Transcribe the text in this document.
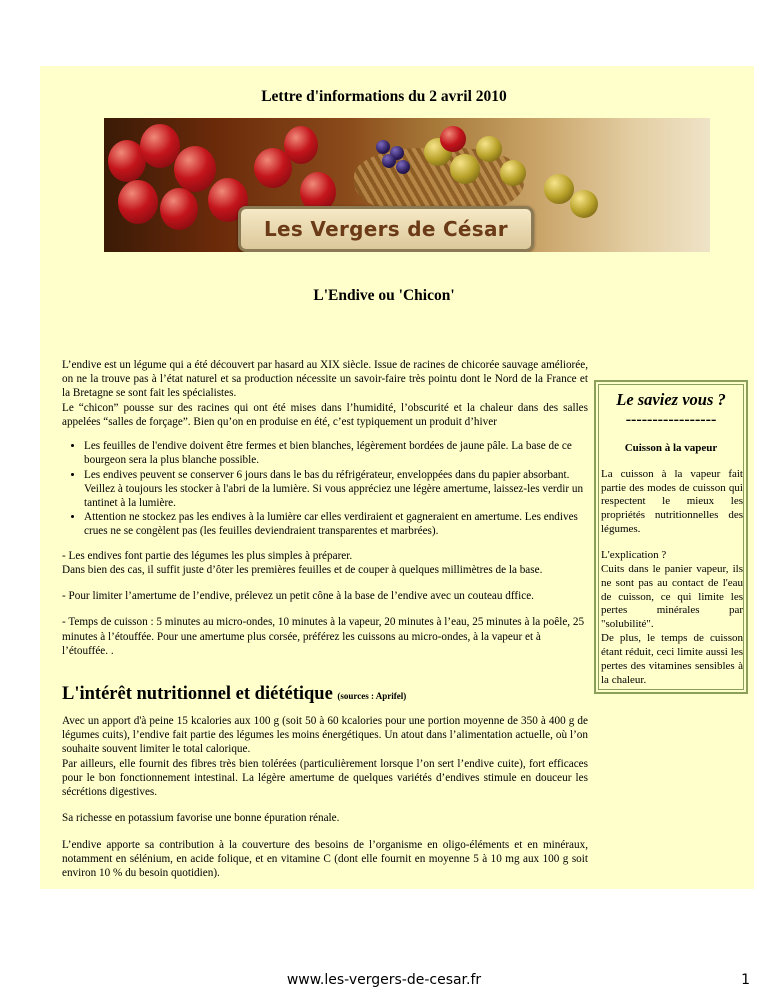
Lettre d'informations du 2 avril 2010
Les Vergers de César
L'Endive ou 'Chicon'

L’endive est un légume qui a été découvert par hasard au XIX siècle. Issue de racines de chicorée sauvage améliorée, on ne la trouve pas à l’état naturel et sa production nécessite un savoir-faire très pointu dont le Nord de la France et la Bretagne se sont fait les spécialistes.

Le “chicon” pousse sur des racines qui ont été mises dans l’humidité, l’obscurité et la chaleur dans des salles appelées “salles de forçage”. Bien qu’on en produise en été, c’est typiquement un produit d’hiver

• Les feuilles de l'endive doivent être fermes et bien blanches, légèrement bordées de jaune pâle. La base de ce bourgeon sera la plus blanche possible.
• Les endives peuvent se conserver 6 jours dans le bas du réfrigérateur, enveloppées dans du papier absorbant. Veillez à toujours les stocker à l'abri de la lumière. Si vous appréciez une légère amertume, laissez-les verdir un tantinet à la lumière.
• Attention ne stockez pas les endives à la lumière car elles verdiraient et gagneraient en amertume. Les endives crues ne se congèlent pas (les feuilles deviendraient transparentes et marbrées).

- Les endives font partie des légumes les plus simples à préparer.

Dans bien des cas, il suffit juste d’ôter les premières feuilles et de couper à quelques millimètres de la base.

- Pour limiter l’amertume de l’endive, prélevez un petit cône à la base de l’endive avec un couteau dffice.

- Temps de cuisson : 5 minutes au micro-ondes, 10 minutes à la vapeur, 20 minutes à l’eau, 25 minutes à la poêle, 25 minutes à l’étouffée. Pour une amertume plus corsée, préférez les cuissons au micro-ondes, à la vapeur et à l’étouffée. .

Le saviez vous ?
-----------------
Cuisson à la vapeur
La cuisson à la vapeur fait partie des modes de cuisson qui respectent le mieux les propriétés nutritionnelles des légumes.
L'explication ?
Cuits dans le panier vapeur, ils ne sont pas au contact de l'eau de cuisson, ce qui limite les pertes minérales par "solubilité".
De plus, le temps de cuisson étant réduit, ceci limite aussi les pertes des vitamines sensibles à la chaleur.
L'intérêt nutritionnel et diététique (sources : Aprifel)

Avec un apport d'à peine 15 kcalories aux 100 g (soit 50 à 60 kcalories pour une portion moyenne de 350 à 400 g de légumes cuits), l’endive fait partie des légumes les moins énergétiques. Un atout dans l’alimentation actuelle, où l’on souhaite souvent limiter le total calorique.

Par ailleurs, elle fournit des fibres très bien tolérées (particulièrement lorsque l’on sert l’endive cuite), fort efficaces pour le bon fonctionnement intestinal. La légère amertume de quelques variétés d’endives stimule en douceur les sécrétions digestives.

Sa richesse en potassium favorise une bonne épuration rénale.

L’endive apporte sa contribution à la couverture des besoins de l’organisme en oligo-éléments et en minéraux, notamment en sélénium, en acide folique, et en vitamine C (dont elle fournit en moyenne 5 à 10 mg aux 100 g soit environ 10 % du besoin quotidien).

www.les-vergers-de-cesar.fr	1
